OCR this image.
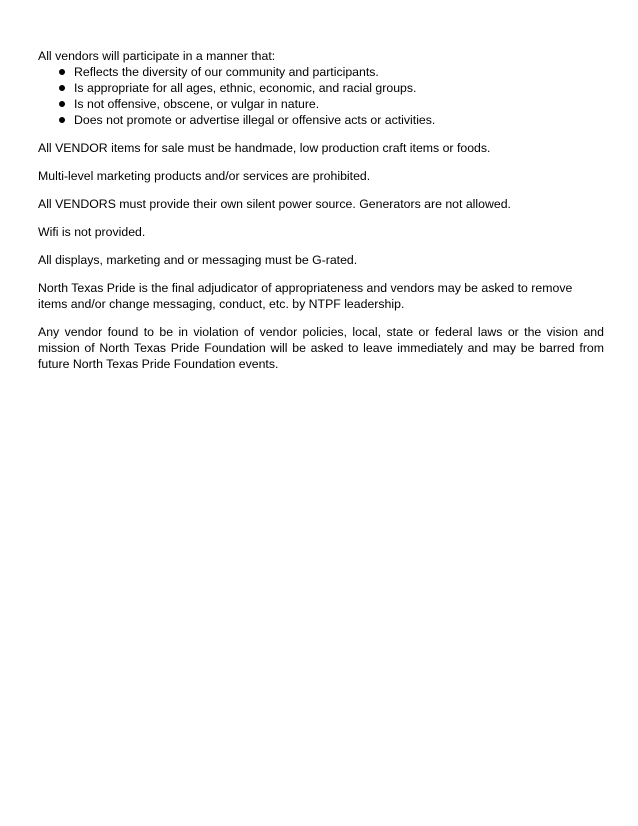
All vendors will participate in a manner that:

Reflects the diversity of our community and participants.
Is appropriate for all ages, ethnic, economic, and racial groups.
Is not offensive, obscene, or vulgar in nature.
Does not promote or advertise illegal or offensive acts or activities.

All VENDOR items for sale must be handmade, low production craft items or foods.

Multi-level marketing products and/or services are prohibited.

All VENDORS must provide their own silent power source. Generators are not allowed.

Wifi is not provided.

All displays, marketing and or messaging must be G-rated.

North Texas Pride is the final adjudicator of appropriateness and vendors may be asked to remove items and/or change messaging, conduct, etc. by NTPF leadership.

Any vendor found to be in violation of vendor policies, local, state or federal laws or the vision and mission of North Texas Pride Foundation will be asked to leave immediately and may be barred from future North Texas Pride Foundation events.
